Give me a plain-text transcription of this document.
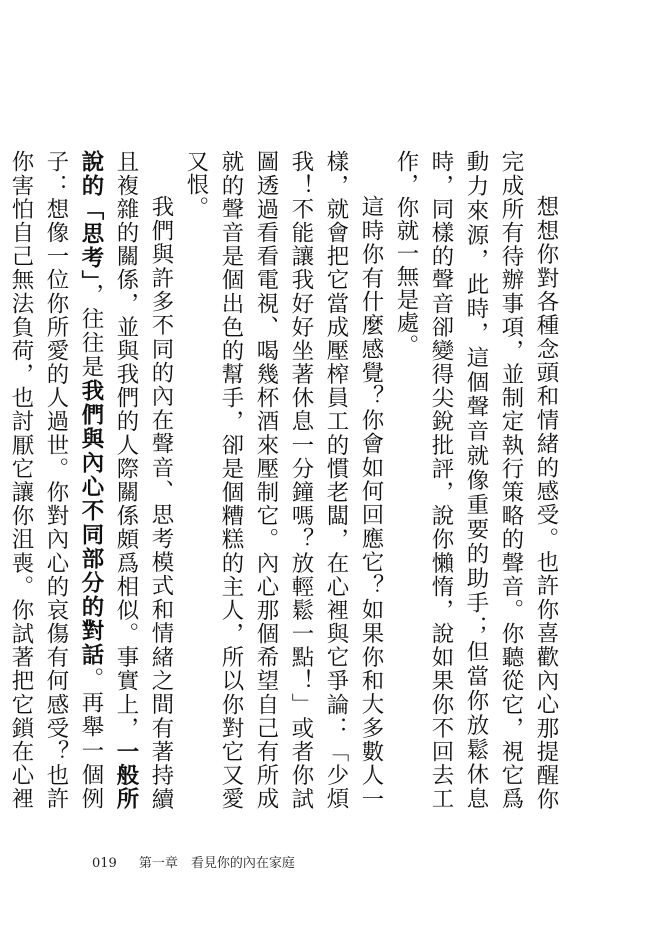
想想你對各種念頭和情緒的感受。也許你喜歡內心那提醒你完成所有待辦事項，並制定執行策略的聲音。你聽從它，視它爲動力來源，此時，這個聲音就像重要的助手；但當你放鬆休息時，同樣的聲音卻變得尖銳批評，說你懶惰，說如果你不回去工作，你就一無是處。

這時你有什麼感覺？你會如何回應它？如果你和大多數人一樣，就會把它當成壓榨員工的慣老闆，在心裡與它爭論：「少煩我！不能讓我好好坐著休息一分鐘嗎？放輕鬆一點！」或者你試圖透過看看電視、喝幾杯酒來壓制它。內心那個希望自己有所成就的聲音是個出色的幫手，卻是個糟糕的主人，所以你對它又愛又恨。

我們與許多不同的內在聲音、思考模式和情緒之間有著持續且複雜的關係，並與我們的人際關係頗爲相似。事實上，一般所說的「思考」，往往是我們與內心不同部分的對話。再舉一個例子：想像一位你所愛的人過世。你對內心的哀傷有何感受？也許你害怕自己無法負荷，也討厭它讓你沮喪。你試著把它鎖在心裡

019 第一章　看見你的內在家庭
